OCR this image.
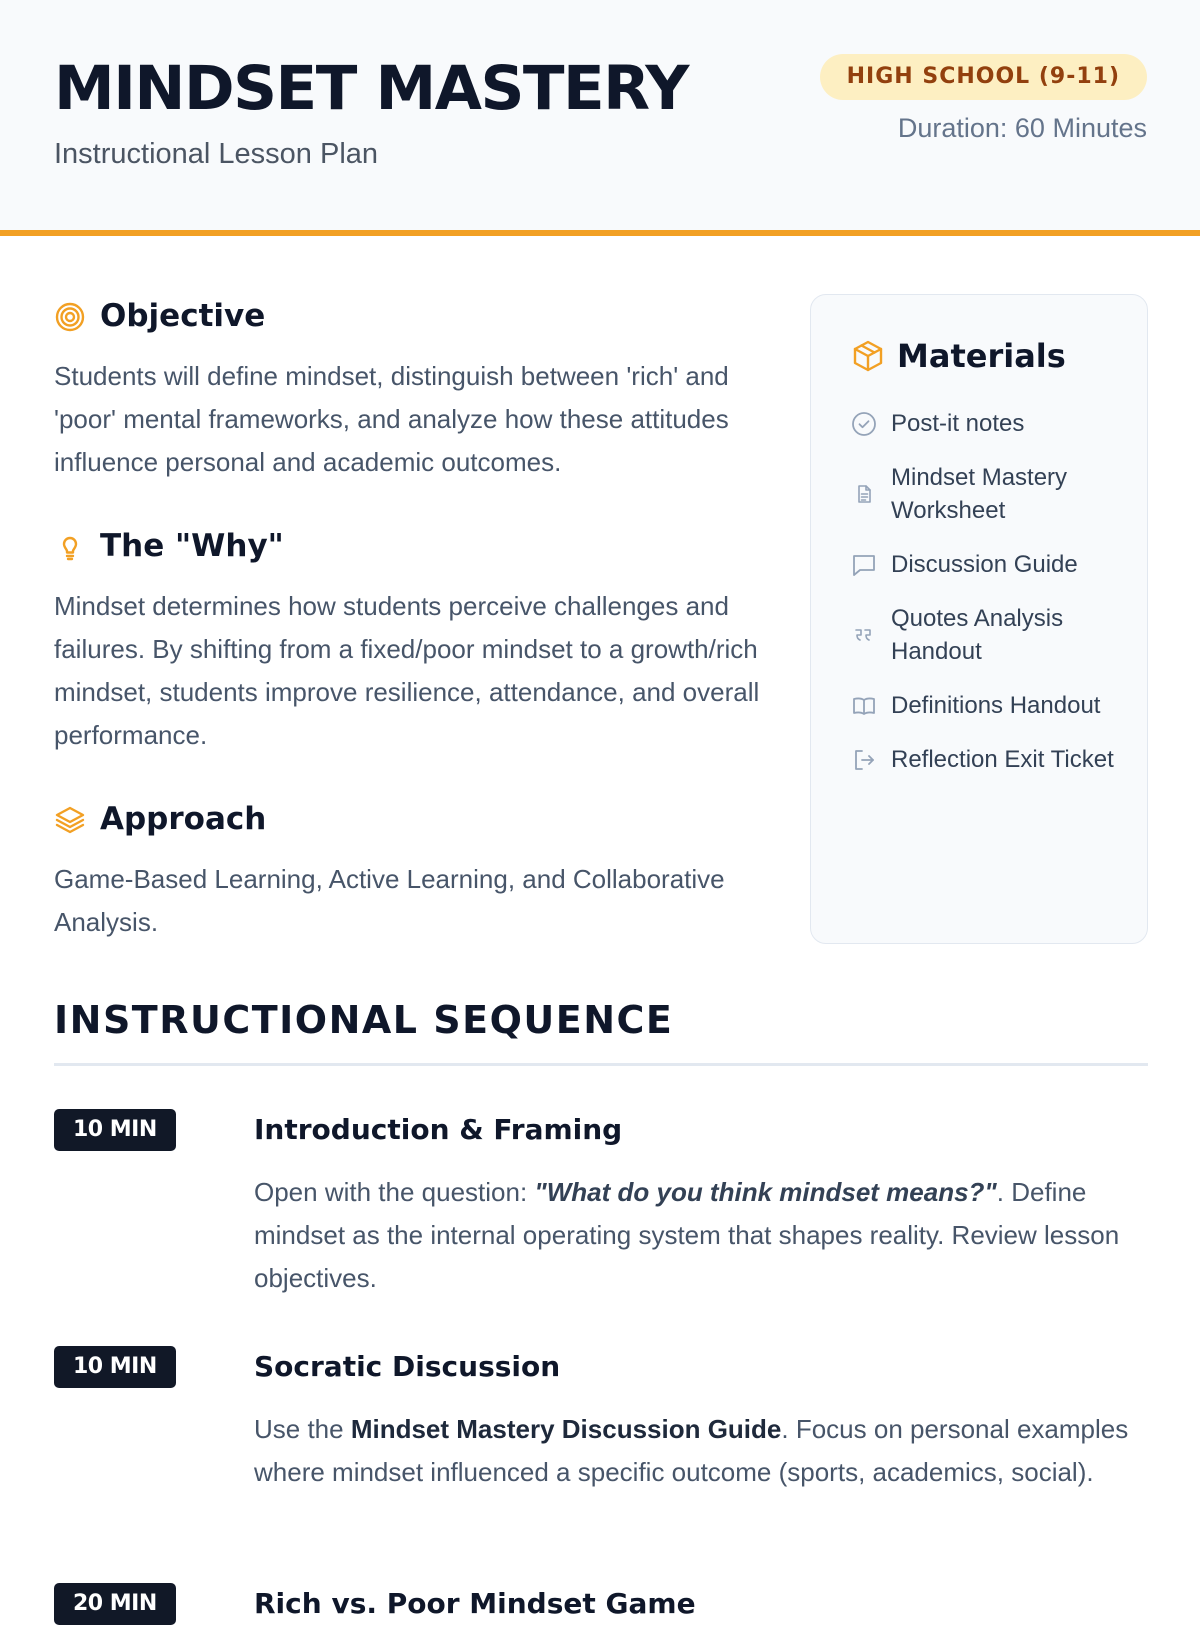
MINDSET MASTERY
Instructional Lesson Plan
HIGH SCHOOL (9-11)
Duration: 60 Minutes
Objective
Students will define mindset, distinguish between 'rich' and 'poor' mental frameworks, and analyze how these attitudes influence personal and academic outcomes.
The "Why"
Mindset determines how students perceive challenges and failures. By shifting from a fixed/poor mindset to a growth/rich mindset, students improve resilience, attendance, and overall performance.
Approach
Game-Based Learning, Active Learning, and Collaborative Analysis.
Materials
Post-it notes
Mindset Mastery Worksheet
Discussion Guide
Quotes Analysis Handout
Definitions Handout
Reflection Exit Ticket
INSTRUCTIONAL SEQUENCE
10 MIN	Introduction & Framing

Open with the question: "What do you think mindset means?". Define mindset as the internal operating system that shapes reality. Review lesson objectives.

10 MIN	Socratic Discussion

Use the Mindset Mastery Discussion Guide. Focus on personal examples where mindset influenced a specific outcome (sports, academics, social).

20 MIN	Rich vs. Poor Mindset Game
